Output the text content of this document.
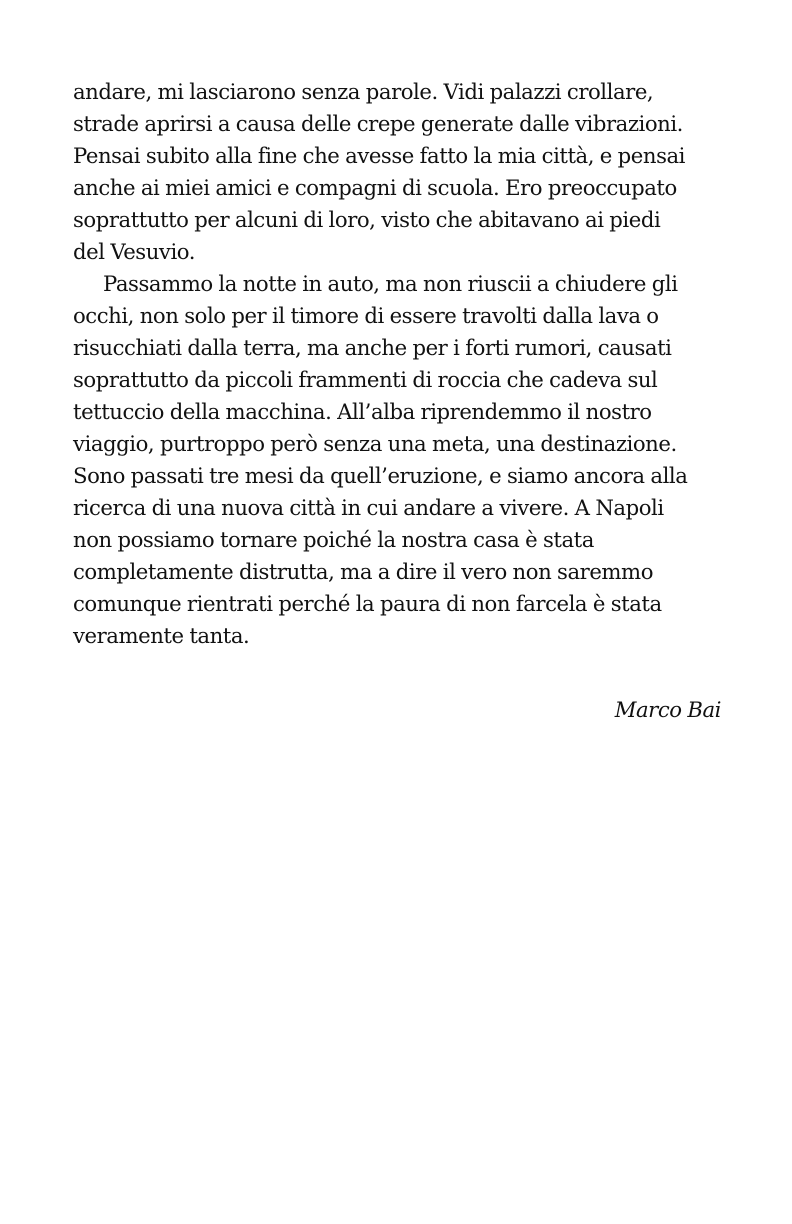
andare, mi lasciarono senza parole. Vidi palazzi crollare,
strade aprirsi a causa delle crepe generate dalle vibrazioni.
Pensai subito alla fine che avesse fatto la mia città, e pensai
anche ai miei amici e compagni di scuola. Ero preoccupato
soprattutto per alcuni di loro, visto che abitavano ai piedi
del Vesuvio.
Passammo la notte in auto, ma non riuscii a chiudere gli
occhi, non solo per il timore di essere travolti dalla lava o
risucchiati dalla terra, ma anche per i forti rumori, causati
soprattutto da piccoli frammenti di roccia che cadeva sul
tettuccio della macchina. All’alba riprendemmo il nostro
viaggio, purtroppo però senza una meta, una destinazione.
Sono passati tre mesi da quell’eruzione, e siamo ancora alla
ricerca di una nuova città in cui andare a vivere. A Napoli
non possiamo tornare poiché la nostra casa è stata
completamente distrutta, ma a dire il vero non saremmo
comunque rientrati perché la paura di non farcela è stata
veramente tanta.
Marco Bai
